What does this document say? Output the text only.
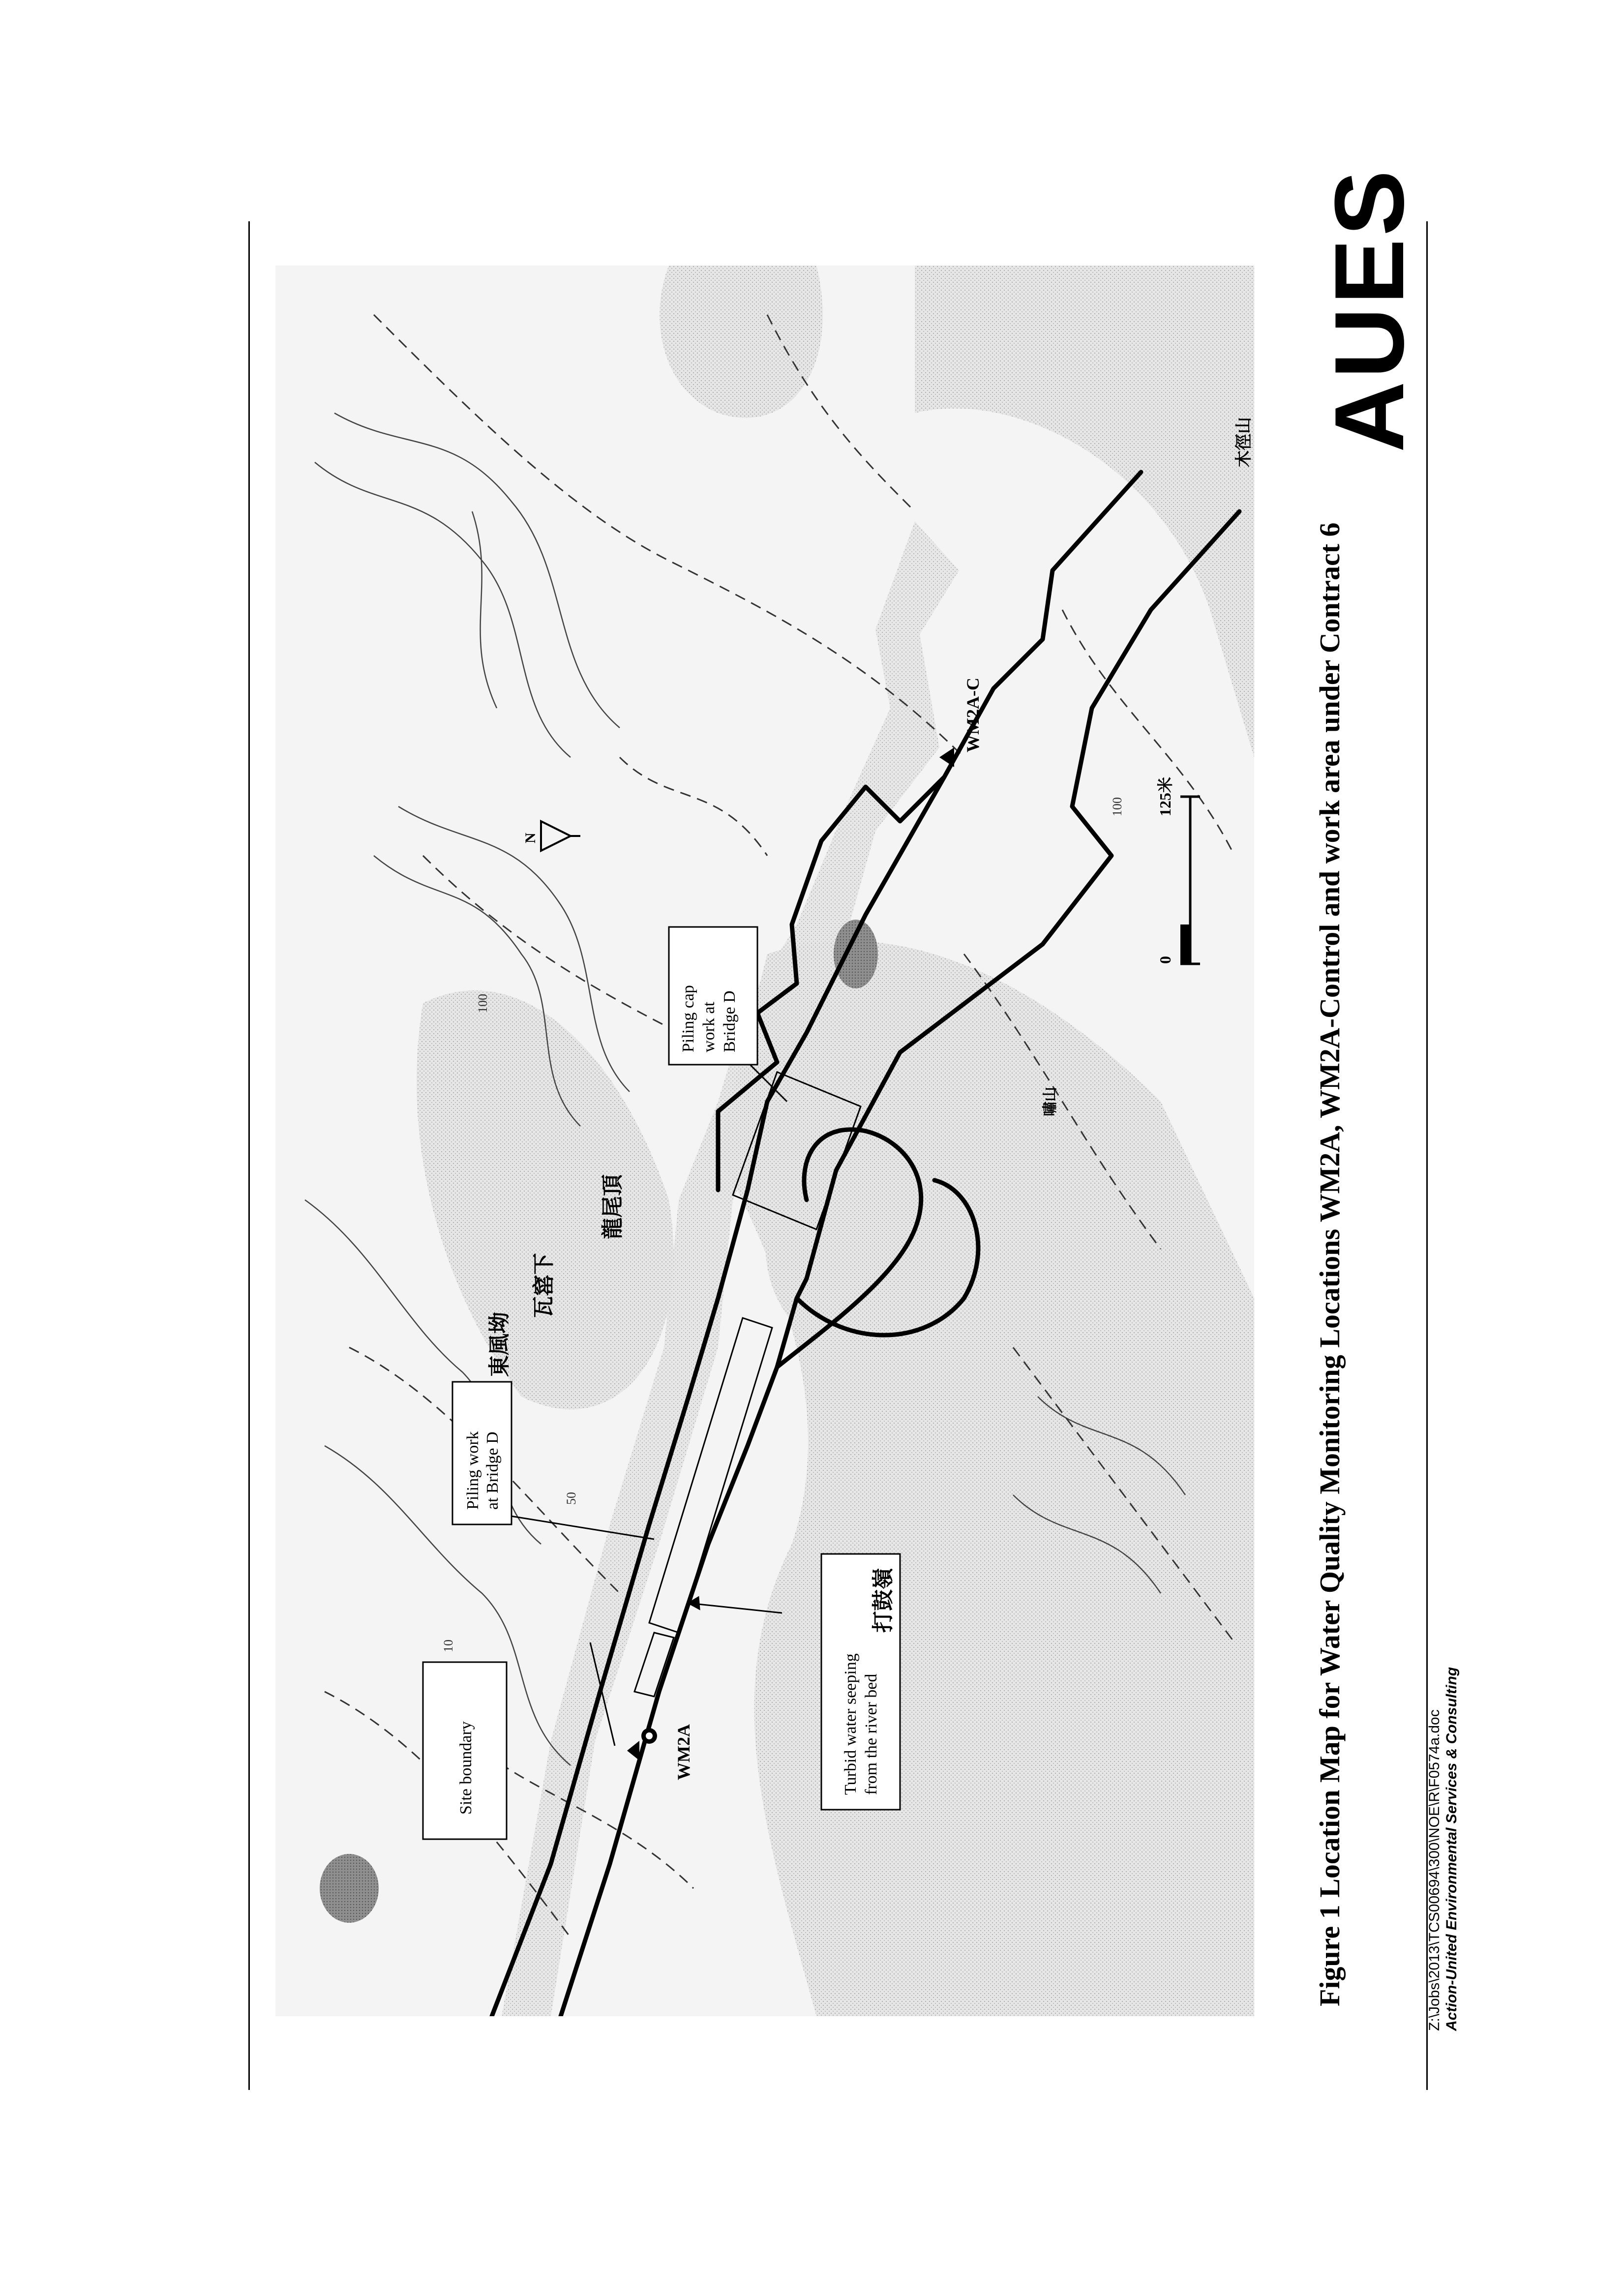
AUES
Figure 1 Location Map for Water Quality Monitoring Locations WM2A, WM2A-Control and work area under Contract 6	Z:\Jobs\2013\TCS00694\300\NOE\R\F0574a.doc Action-United Environmental Services & Consulting
Site boundary
Piling work at Bridge D
Turbid water seeping from the river bed
Piling cap work at Bridge D
WM2A
WM2A-C
N
0
125米
打鼓嶺
龍尾頂
瓦窰下
東風坳
木徑山
嘯山
100
50
10
100
